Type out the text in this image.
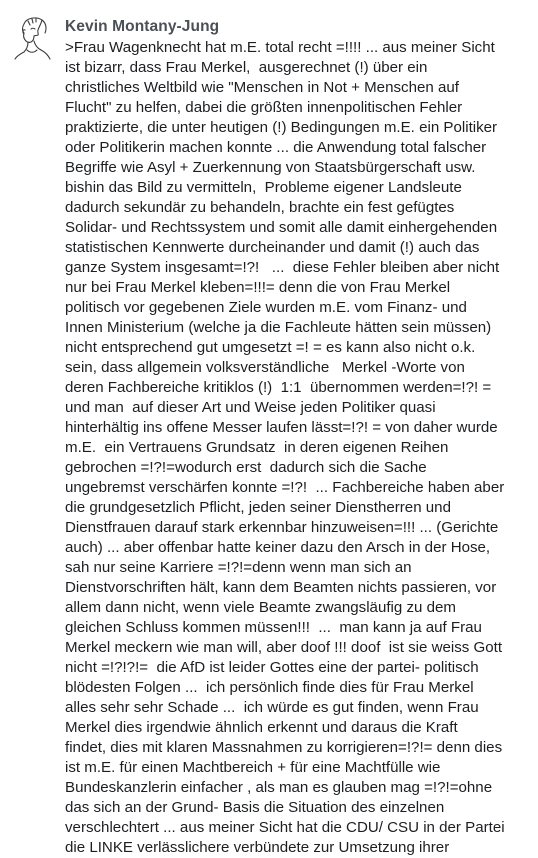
Kevin Montany-Jung

>Frau Wagenknecht hat m.E. total recht =!!!! ... aus meiner Sicht
ist bizarr, dass Frau Merkel,  ausgerechnet (!) über ein
christliches Weltbild wie "Menschen in Not + Menschen auf
Flucht" zu helfen, dabei die größten innenpolitischen Fehler
praktizierte, die unter heutigen (!) Bedingungen m.E. ein Politiker
oder Politikerin machen konnte ... die Anwendung total falscher
Begriffe wie Asyl + Zuerkennung von Staatsbürgerschaft usw.
bishin das Bild zu vermitteln,  Probleme eigener Landsleute
dadurch sekundär zu behandeln, brachte ein fest gefügtes
Solidar- und Rechtssystem und somit alle damit einhergehenden
statistischen Kennwerte durcheinander und damit (!) auch das
ganze System insgesamt=!?!   ...  diese Fehler bleiben aber nicht
nur bei Frau Merkel kleben=!!!= denn die von Frau Merkel
politisch vor gegebenen Ziele wurden m.E. vom Finanz- und
Innen Ministerium (welche ja die Fachleute hätten sein müssen)
nicht entsprechend gut umgesetzt =! = es kann also nicht o.k.
sein, dass allgemein volksverständliche   Merkel -Worte von
deren Fachbereiche kritiklos (!)  1:1  übernommen werden=!?! =
und man  auf dieser Art und Weise jeden Politiker quasi
hinterhältig ins offene Messer laufen lässt=!?! = von daher wurde
m.E.  ein Vertrauens Grundsatz  in deren eigenen Reihen
gebrochen =!?!=wodurch erst  dadurch sich die Sache
ungebremst verschärfen konnte =!?!  ... Fachbereiche haben aber
die grundgesetzlich Pflicht, jeden seiner Dienstherren und
Dienstfrauen darauf stark erkennbar hinzuweisen=!!! ... (Gerichte
auch) ... aber offenbar hatte keiner dazu den Arsch in der Hose,
sah nur seine Karriere =!?!=denn wenn man sich an
Dienstvorschriften hält, kann dem Beamten nichts passieren, vor
allem dann nicht, wenn viele Beamte zwangsläufig zu dem
gleichen Schluss kommen müssen!!!  ...  man kann ja auf Frau
Merkel meckern wie man will, aber doof !!! doof  ist sie weiss Gott
nicht =!?!?!=  die AfD ist leider Gottes eine der partei- politisch
blödesten Folgen ...  ich persönlich finde dies für Frau Merkel
alles sehr sehr Schade ...  ich würde es gut finden, wenn Frau
Merkel dies irgendwie ähnlich erkennt und daraus die Kraft
findet, dies mit klaren Massnahmen zu korrigieren=!?!= denn dies
ist m.E. für einen Machtbereich + für eine Machtfülle wie
Bundeskanzlerin einfacher , als man es glauben mag =!?!=ohne
das sich an der Grund- Basis die Situation des einzelnen
verschlechtert ... aus meiner Sicht hat die CDU/ CSU in der Partei
die LINKE verlässlichere verbündete zur Umsetzung ihrer
